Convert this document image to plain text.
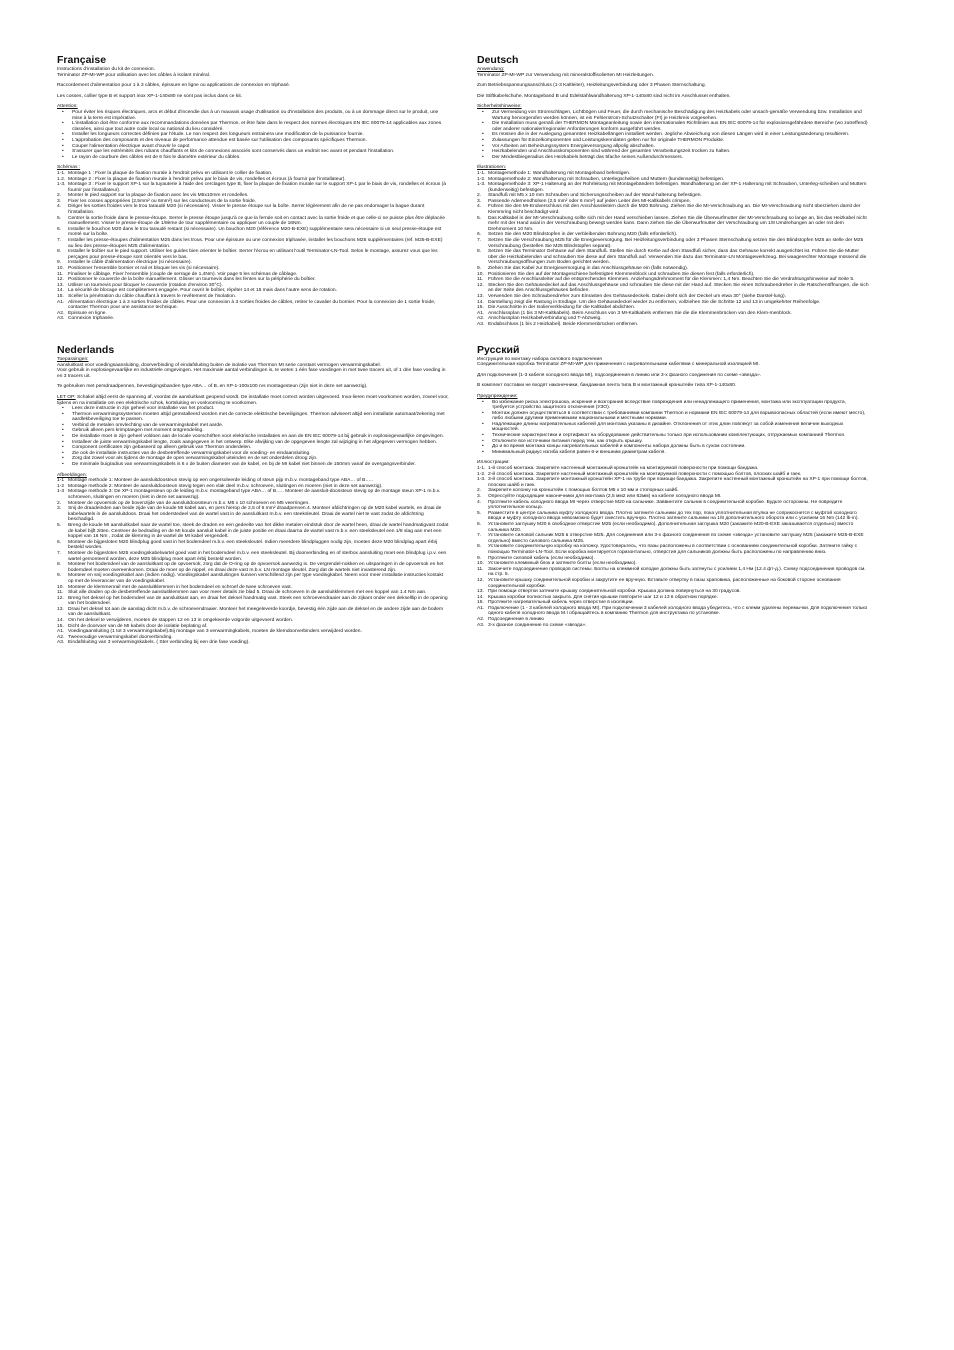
Française

Instructions d'installation du kit de connexion.

Terminator ZP-MI-WP pour utilisation avec les câbles à isolant minéral.

Raccordement d'alimentation pour 1 à 3 câbles, épissure en ligne ou applications de connexion en triphasé.

Les cosses, collier type B et support inox XP-1-140x80 ne sont pas inclus dans ce kit.

Attention:

• Pour éviter les risques électriques, arcs et début d'incendie dus à un mauvais usage d'utilisation ou d'installation des produits, ou à un dommage direct sur le produit, une mise à la terre est impérative.
• L'installation doit être conforme aux recommandations données par Thermon, et être faite dans le respect des normes électriques EN IEC 60079-14 applicables aux zones classées, ainsi que tout autre code local ou national du lieu considéré.
• Installer les longueurs correctes définies par l'étude. Le non respect des longueurs entrainera une modification de la puissance fournie.
• L'approbation des composants et des niveaux de performance attendue est basée sur l'utilisation des composants spécifiques Thermon.
• Couper l'alimentation électrique avant d'ouvrir le capot
• S'assurer que les extrémités des rubans chauffants et kits de connexions associés sont conservés dans un endroit sec avant et pendant l'installation.
• Le rayon de courbure des câbles est de 6 fois le diamètre extérieur du câbles.

Schémas :

1-1. Montage 1 : Fixer la plaque de fixation murale à l'endroit prévu en utilisant le collier de fixation.
1.2. Montage 2 : Fixer la plaque de fixation murale à l'endroit prévu par le biais de vis, rondelles et écrous (à fournir par l'installateur).
1-3. Montage 3 : Fixer le support XP-1 sur la tuyauterie à l'aide des cerclages type B, fixer la plaque de fixation murale sur le support XP-1 par le biais de vis, rondelles et écrous (à fournir par l'installateur).
2. Monter le pied support sur la plaque de fixation avec les vis M5x10mm et rondelles.
3. Fixer les cosses appropriées (2,5mm² ou 6mm²) sur les conducteurs de la sortie froide.
4. Diriger les sorties froides vers le trou taraudé M20 (si nécessaire). Visser le presse étoupe sur la boîte. Serrer légèrement afin de ne pas endomager la bague durant l'installation.
5. Centrer la sortie froide dans le presse-étoupe. Serrer le presse étoupe jusqu'à ce que la ferrule soit en contact avec la sortie froide et que celle-ci ne puisse plus être déplacée manuellement. Visser le presse-étoupe de 1/8ème de tour supplémentaire ou appliquer un couple de 16Nm.
6. Installer le bouchon M20 dans le trou taraudé restant (si nécessaire). Un bouchon M20 (référence M20-B-EXE) supplémentaire sera nécessaire si un seul presse-étoupe est monté sur la boîte.
7. Installer les presse-étoupes d'alimentation M25 dans les trous. Pour une épissure ou une connexion triphasée, installer les bouchons M25 supplémentaires (ref. M25-B-EXE) au lieu des presse-étoupes M25 d'alimentation.
8. Installer le boîtier sur le pied support. Utiliser les guides bien orienter le boîtier. Serrer l'écrou en utilisant l'outil Terminator-LN-Tool. Selon le montage, assurez vous que les perçages pour presse-étoupe sont orientés vers le bas.
9. Installer le câble d'alimentation électrique (si nécessaire).
10. Positionner l'ensemble bornier et rail et bloquer les vis (si nécessaire).
11. Finaliser le câblage. Fixer l'ensemble (couple de serrage de 1,4Nm). Voir page 5 les schémas de câblage.
12. Positionner le couvercle de la boîte manuellement. Glisser un tournevis dans les fentes sur la périphérie du boîtier.
13. Utiliser un tournevis pour bloquer le couvercle (rotation d'environ 30°C).
14. La sécurité de blocage est complètement engagée. Pour ouvrir le boîtier, répéter 14 et 15 mais dans l'autre sens de rotation.
15. Sceller la pénétration du câble chauffant à travers le revêtement de l'isolation.
A1. Alimentation électrique 1 à 3 sorties froides de câbles. Pour une connexion à 3 sorties froides de câbles, retirer le cavalier du bornier. Pour la connexion de 1 sortie froide, contacter Thermon pour une assistance technique.
A2. Epissure en ligne.
A3. Connexion triphasée.
Nederlands

Toepassingen:

Aansluitkast voor voedingsaansluiting, doorverbinding of eindafsluiting buiten de isolatie van Thermon MI serie constant vermogen verwarmingskabel.

Voor gebruik in explosiegevaarlijke en industriële omgevingen. Het maximale aantal verbindingen is, te weten 1 één fase voedingen in met twee tracers uit, of 1 drie fase voeding in en 3 tracers uit.

Te gebruiken met persdraadpennen, bevestigingsbanden type ABA… of B..en XP-1-100x100 rvs montagesteun (zijn niet in deze set aanwezig).

LET OP: Schakel altijd eerst de spanning af, voordat de aansluitkast geopend wordt. De installatie moet correct worden uitgevoerd. Inva-lieren moet voorkomen worden, zoveel voor, tijdens en na installatie om een elektrische schok, kortsluiting en vonkvorming te voorkomen.

• Lees deze instructie in zijn geheel voor installatie van het product.
• Thermon verwarmingssystemen moeten altijd geïnstalleerd worden met de correcte elektrische beveiligingen. Thermon adviseert altijd een installatie automaat/zekering met aardlekbeveiliging toe te passen.
• Verbind de metalen omvlechting van de verwarmingskabel met aarde.
• Gebruik alleen pers krimptangen met moment ontgrendeling.
• De installatie moet in zijn geheel voldoen aan de locale voorschriften voor elektrische installaties en aan de EN IEC 60079-14 bij gebruik in explosiegevaarlijke omgevingen.
• Installeer de juiste verwarmingskabel lengte, zoals aangegeven in het ontwerp. Elke afwijking van de opgegeven lengte zal wijziging in het afgegeven vermogen hebben.
• Component certificaten zijn gebaseerd op alleen gebruik van Thermon onderdelen.
• Zie ook de installatie instructies van de desbetreffende verwarmingskabel voor de voeding- en eindaansluiting.
• Zorg dat zowel voor als tijdens de montage de open verwarmingskabel uiteinden en de set onderdelen droog zijn.
• De minimale buigradius van verwarmingskabels is 6 x de buiten diameter van de kabel, en bij de MI kabel niet binnen de 150mm vanaf de overgangsverbinder.

Afbeeldingen:

1-1 Montage methode 1: Monteer de aansluitdoosteun stevig op een ongeïsoleerde leiding of steun pijp m.b.v. montageband type ABA… of B…..
1-2 Montage methode 2: Monteer de aansluitdoosteun stevig tegen een vlak deel m.b.v. schroeven, sluitingen en moeren (niet in deze set aanwezig).
1-3 Montage methode 3: De XP-1 montagesteun op de leiding m.b.v. montageband type ABA… of B….. Monteer de aansluit-doossteun stevig op de montage steun XP-1 m.b.v. schroeven, sluitingen en moeren (niet in deze set aanwezig).
2. Monteer de opvoersok op de bovenzijde van de aansluitdoossteun m.b.v. M5 x 10 schroeven en M5 veerringen.
3. Snij de draadeinden aan beide zijde van de koude MI kabel aan, en pers hierop de 2,5 of 6 mm² draadpennen.4. Monteer afdichtringen op de M20 kabel wartels, en draai de kabelwartels in de aansluitdoos. Draai het onderstedeel van de wartel vast in de aansluitkast m.b.v. een steeksleutel. Draai de wartel niet te vast zodat de afdichtring beschadigd.
5. Breng de koude MI aansluitkabel naar de wartel toe, steek de draden en een gedeelte van het dikke metalen eindstuk door de wartel heen, draai de wartel handmatigvast zodat de kabel bijft zitten. Centreer de bedrading en de MI koude aansluit kabel in de juiste positie en draai daarna de wartel vast m.b.v. een steeksleutel een 1/8 slag aan met een koppel van 16 Nm , zodat de klemring in de wartel de MI kabel vergendelt.
6. Monteer de bijgesloten M20 blindplug goed vast in het bodemdeel m.b.v. een steeksleutel. Indien meerdere blindpluggen nodig zijn, moeten deze M20 blindplug apart érbij besteld worden.
7. Monteer de bijgesloten M25 voedingskabelwartel goed vast in het bodemdeel m.b.v. een steeksleutel. Bij doorverbinding en of sterbox aansluiting moet een blindplug i.p.v. een wartel gemonteerd worden, deze M25 blindplug moet apart érbij besteld worden.
8. Monteer het bodemdeel van de aansluitkast op de opvoersok, zorg dat de O-ring op de opvoersok aanwezig is. De vergrendel-nokken en uitsparingen in de opvoersok en het bodemdeel moeten overeenkomen. Draai de moer op de nippel, en draai deze vast m.b.v. LN montage sleutel. Zorg dat de wartels niet invasterend zijn.
9. Monteer en snij voedingskabel aan (indien nodig). Voedingskabel aansluitingen kunnen verschillend zijn per type voedingkabel. Neem voor meer installatie instructies kontakt op met de leverancier van de voedingskabel.
10. Monteer de klemmenrail met de aansluitklemmen in het bodemdeel en schroef de twee schroeven vast.
11. Sluit alle draden op de desbetreffende aansluitklemmen aan voor meer details zie blad 5. Draai de schroeven in de aansluitklemmen met een koppel van 1.4 Nm aan.
12. Breng het deksel op het bodemdeel van de aansluitkast aan, en draai het deksel handmatig vast. Steek een schroevendraaier aan de zijkant onder een dekselllip in de opening van het bodemdeel.
13. Draai het deksel tot aan de aanslag dicht m.b.v. de schroevendraaier. Monteer het meegeleverde koordje, bevestig één zijde aan de deksel en de andere zijde aan de bodem van de aansluitkast.
14. Om het deksel te verwijderen, moeten de stappen 12 en 13 in omgekeerde volgorde uitgevoerd worden.
15. Dicht de doorvoer van de MI kabels door de isolatie beplating af.
A1. Voedingaansluiting (1 tot 3 verwarmingskabel).Bij montage van 3 verwarmingkabels, moeten de klemdoorverbinders verwijderd worden.
A2. Tweevoudige verwarmingskabel doorverbinding.
A3. Eindafsluiting van 3 verwarmingskabels. ( Ster verbinding bij een drie fase voeding).
Deutsch

Anwendung:

Terminator ZP-MI-WP zur Verwendung mit mineralstoffisolierten MI Heizleitungen.

Zum Betriebsspannungsanschluss (1-3 Kaltleiter), Heizleitungsverbindung oder 3 Phasen Sternschaltung.

Die Stiftkabelschuhe, Montageband B und Edelstahlwandhalterung XP-1-140x80 sind nicht im Anschlusset enthalten.

Sicherheitshinweise:

• Zur Vermeidung von Stromschlägen, Lichtbögen und Feuer, die durch mechanische Beschädigung des Heizkabels oder unsach-gemäße Verwendung bzw. Installation und Wartung hervorgerufen werden können, ist ein Fehlerstrom-Schutzschalter (FI) je Heizkreis vorgesehen.
• Die Installation muss gemäß der THERMON Montageanleitung sowie den internationalen Richtlinien aus EN IEC 60079-14 für explosionsgefährdete Bereiche (wo zutreffend) oder anderer nationaler/regionaler Anforderungen konform ausgeführt werden.
• Es müssen die in der Auslegung genannten Heizkabellängen installiert werden. Jegliche Abweichung von diesen Längen wird in einer Leistungsänderung resultieren.
• Zulassungen für Einzelkomponenten und Leistungskenndaten gelten nur für originale THERMON Produkte.
• Vor Arbeiten am Beheizungssystem Energieversorgung allpolig abschalten.
• Heizkabelenden und Anschlusskomponenten sind während der gesamten Verarbeitungszeit trocken zu halten.
• Der Mindestbiegeradius des Heizkabels beträgt das 5fache seines Außendurchmessers.

Illustrationen:

1-1. Montagemethode 1: Wandhalterung mit Montageband befestigen.
1-2. Montagemethode 2: Wandhalterung mit Schrauben, Unterlegscheiben und Muttern (kundenseitig) befestigen.
1-3. Montagemethode 3: XP-1 Halterung an der Rohrleitung mit Montagebändern befestigen. Wandhalterung an der XP-1 Halterung mit Schrauben, Unterleg-scheiben und Muttern (kundenseitig) befestigen.
2. Standfuß mit M5 x 10 mm Schrauben und Sicherungsscheiben auf der Wand-halterung befestigen.
3. Passende Adernendhülsen (2,5 mm² oder 6 mm²) auf jeden Leiter des MI-Kaltkabels crimpen.
4. Führen Sie den MI-Endverschluss mit den Anschlussleitern durch die M20 Bohrung. Ziehen Sie die MI-Verschraubung an. Die MI-Verschraubung nicht überziehen damit der Klemmring nicht beschädigt wird.
5. Das Kaltkabel in der MI-Verschraubung sollte sich mit der Hand verschieben lassen. Ziehen Sie die Überwurfmutter der MI-Verschraubung so lange an, bis das Heizkabel nicht mehr mit der Hand axial in der Verschraubung bewegt werden kann. Dann ziehen Sie die Überwurfmutter der Verschraubung um 1/8 Umdrehungen an oder mit dem Drehmoment 10 Nm.
6. Setzen Sie den M20 Blindstopfen in der verbleibenden Bohrung M20 (falls erforderlich).
7. Setzen Sie die Verschraubung M25 für die Energieversorgung. Bei Heizleitungsverbindung oder 3 Phasen Sternschaltung setzen Sie den Blindstopfen M25 an stelle der M25 Verschraubung (bestellen Sie M25 Blindstopfen separat).
8. Setzen Sie das Terminator Gehäuse auf dem Standfuß. Stellen Sie durch Kerbe auf dem Standfuß sicher, dass das Gehäuse korrekt ausgerichtet ist. Führen Sie die Mutter über die Heizkabelenden und schrauben Sie diese auf dem Standfuß auf. Verwenden Sie dazu das Terminator-LN Montagewerkzeug. Bei waagerechter Montage müssend die Verschraubungsöffnungen zum Boden gerichtet werden.
9. Ziehen Sie das Kabel zur Energieversorgung in das Anschlussgehäuse ein (falls notwendig).
10. Positionieren Sie den auf der Montageschiene befestigten Klemmenblock und schrauben Sie diesen fest (falls erforderlich).
11. Führen Sie die Anschlussleiter auf die entsprechenden Klemmen. Anziehungsdrehmoment für die Klemmen: 1,4 Nm. Beachten Sie die Verdrahtungshinweise auf Seite 5.
12. Stecken Sie den Gehäusedeckel auf das Anschlussgehäuse und schrauben Sie diese mit der Hand auf. Stecken Sie einen Schraubendreher in die Ratschenöffnungen, die sich an der Seite des Anschlussgehäuses befinden.
13. Verwenden Sie den Schraubendreher zum Einrasten des Gehäusedeckels. Dabei dreht sich der Deckel um etwa 30° (siehe Darstel-lung).
14. Darstellung zeigt die Rastung in Endlage. Um den Gehäusedeckel wieder zu entfernen, vollziehen Sie die Schritte 12 und 13 in umgekehrter Reihenfolge.
15. Die Ausschnitte in der Isolierverkleidung für die Kaltkabel abdichten.
A1. Anschlussplan (1 bis 3 MI-Kaltkabels). Beim Anschluss von 3 MI-Kaltkabels entfernen Sie die die Klemmenbrücken von den Klem-menblock.
A2. Anschlussplan Heizkabelverbindung und T-Abzweig.
A3. Endabschluss (1 bis 2 Heizkabel). Beide Klemmenbrücken entfernen.
Русский

Инструкция по монтажу набора силового подключения

Соединительная коробка Terminator ZP-MI-WP для применения с нагревательными кабелями с минеральной изоляцией MI.

Для подключения (1-3 кабеля холодного ввода MI), подсоединения в линию или 3-х фазного соединения по схеме «звезда».

В комплект поставки не входят наконечники, бандажная лента типа B и монтажный кронштейн типа XP-1-140x80.

Предупреждение:

• Во избежание риска электрошока, искрения и возгорания вследствие повреждения или ненадлежащего применения, монтажа или эксплуатации продукта, требуется устройство защитного отключения (УЗО).
• Монтаж должен осуществляться в соответствии с требованиями компании Thermon и нормами EN IEC 60079-14 для взрывоопасных областей (если имеют место), либо любыми другими применимыми национальными и местными нормами.
• Надлежащие длины нагревательных кабелей для монтажа указаны в дизайне. Отклонения от этих длин повлекут за собой изменения величин выходных мощностей.
• Технические характеристики и сертификат на оборудование действительны только при использовании комплектующих, отгружаемых компанией Thermon.
• Отключите все источники питания перед тем, как открыть крышку.
• До и во время монтажа концы нагревательных кабелей и компоненты набора должны быть в сухом состоянии.
• Минимальный радиус изгиба кабеля равен 6-и внешним диаметрам кабеля.

Иллюстрации:

1-1. 1-й способ монтажа. Закрепите настенный монтажный кронштейн на монтируемой поверхности при помощи бандажа.
1-2. 2-й способ монтажа. Закрепите настенный монтажный кронштейн на монтируемой поверхности с помощью болтов, плоских шайб и гаек.
1-3. 3-й способ монтажа. Закрепите монтажный кронштейн XP-1 на трубе при помощи бандажа. Закрепите настенный монтажный кронштейн на XP-1 при помощи болтов, плоских шайб и гаек.
2. Закрепите колонку на кронштейн с помощью болтов M5 x 10 мм и стопорных шайб.
3. Опрессуйте подходящие наконечники для монтажа (2,5 мм2 или 62мм) на кабеле холодного ввода MI.
4. Протяните кабель холодного ввода MI через отверстие M20 на сальнике. Заввинтите сальник в соединительной коробке. Будьте осторожны. Не повредите уплотнительное кольцо.
5. Разместите в центре сальника муфту холодного ввода. Плотно затяните сальники до тех пор, пока уплотнительная втулка не соприкоснется с муфтой холодного ввода и муфту холодного ввода невозможно будет сместить вручную. Плотно затяните сальники на 1/8 дополнительного оборота или с усилием 16 Nm (142 lb-in).
6. Установите заглушку M20 в свободное отверстие M25 (если необходимо). Дополнительная заглушка M20 (закажите M20-B-EXE заказывается отдельно) вместо сальника M20.
7. Установите силовой сальник M25 в отверстие M25. Для соединения или 3-х фазного соединения по схеме «звезда» установите заглушку M25 (закажите M25-B-EXE отдельно) вместо силового сальника M25.
8. Установите соединительную коробку на колонку. Удостоверьтесь, что пазы расположены в соответствии с основанием соединительной коробки. Затяните гайку с помощью Terminator-LN-Tool. Если коробка монтируется горизонтально, отверстия для сальников должны быть расположены по направлению вниз.
9. Протяните силовой кабель (если необходимо).
10. Установите клеммный блок и затяните болты (если необходимо).
11. Закончите подсоединение проводов системы. Болты на клеммной колодке должны быть затянуты с усилием 1,4 Нм (12.4 фт-д.). Схему подсоединения проводов см. на стр. 5.
12. Установите крышку соединительной коробки и закрутите ее вручную. Вставьте отвертку в пазы храповика, расположенные на боковой стороне основания соединительной коробки.
13. При помощи отвертки затяните крышку соединительной коробки. Крышка должна повернуться на 30 градусов.
14. Крышка коробки полностью закрыта. Для снятия крышки повторите шаг 12 и 13 в обратном порядке.
15. Протяните нагревательный кабель через отверстие в изоляции.
A1. Подключение (1 - 3 кабелей холодного ввода MI). При подключении 3 кабелей холодного ввода убедитесь, что с клемм удалены перемычки. Для подключения только одного кабеля холодного ввода M.I обращайтесь в компанию Thermon для инструктажа по установке.
A2. Подсоединение в линию
A3. 3-х фазное соединение по схеме «звезда».
